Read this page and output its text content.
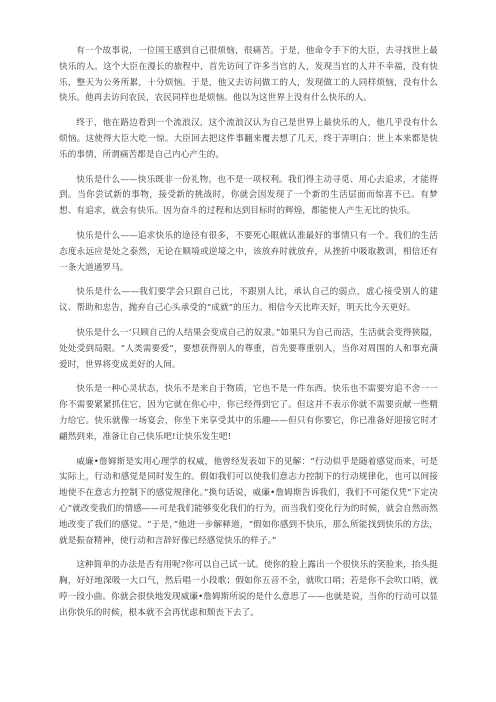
有一个故事说，一位国王感到自己很烦恼，很痛苦。于是，他命令手下的大臣，去寻找世上最快乐的人。这个大臣在漫长的旅程中，首先访问了许多当官的人，发现当官的人并不幸福，没有快乐，整天为公务所累，十分烦恼。于是，他又去访问做工的人，发现做工的人同样烦恼，没有什么快乐。他再去访问农民，农民同样也是烦恼。他以为这世界上没有什么快乐的人。

终于，他在路边看到一个流浪汉，这个流浪汉认为自己是世界上最快乐的人，他几乎没有什么烦恼。这使得大臣大吃一惊。大臣回去把这件事翻来覆去想了几天，终于弄明白：世上本来都是快乐的事情，所谓痛苦都是自己内心产生的。

快乐是什么——快乐既非一份礼物，也不是一项权利。我们得主动寻觅、用心去追求，才能得到。当你尝试新的事物，接受新的挑战时，你就会因发现了一个新的生活层面而惊喜不已。有梦想、有追求，就会有快乐。因为奋斗的过程和达到目标时的辉煌，都能使人产生无比的快乐。

快乐是什么——追求快乐的途径有很多，不要死心眼就认准最好的事情只有一个。我们的生活态度永远应是处之泰然，无论在顺境或逆境之中，该放弃时就放弃，从挫折中吸取教训，相信还有一条大道通罗马。

快乐是什么——我们要学会只跟自己比，不跟别人比，承认自己的弱点，虚心接受别人的建议、帮助和忠告，抛弃自己心头承受的“成就”的压力。相信今天比昨天好，明天比今天更好。

快乐是什么一‘只顾自己的人结果会变成自己的奴隶。”如果只为自己而活，生活就会变得狭隘，处处受到局限。“人类需要爱”，要想获得别人的尊重，首先要尊重别人，当你对周围的人和事充满爱时，世界将变成美好的人间。

快乐是一种心灵状态，快乐不是来自于物质，它也不是一件东西。快乐也不需要穷追不舍一一你不需要紧紧抓住它，因为它就在你心中，你已经得到它了。但这并不表示你就不需要贡献一些精力给它。快乐就像一场宴会，你坐下来享受其中的乐趣——但只有你要它，你已准备好迎接它时才翩然到来，准备让自己快乐吧!让快乐发生吧!

威廉•詹姆斯是实用心理学的权威，他曾经发表如下的见解：“行动似乎是随着感觉而来，可是实际上，行动和感觉是同时发生的。假如我们可以使我们意志力控制下的行动规律化，也可以间接地使不在意志力控制下的感觉规律化。”换句话说，威廉•詹姆斯告诉我们，我们不可能仅凭“下定决心”就改变我们的情感——可是我们能够变化我们的行为，而当我们变化行为的时候，就会自然而然地改变了我们的感觉。“于是，”他进一步解释道，“假如你感到不快乐，那么所能找到快乐的方法，就是振奋精神，使行动和言辞好像已经感觉快乐的样子。”

这种简单的办法是否有用呢?你可以自己试一试。使你的脸上露出一个很快乐的笑脸来，抬头挺胸，好好地深吸一大口气，然后唱一小段歌；假如你五音不全，就吹口哨；若是你不会吹口哨，就哼一段小曲。你就会很快地发现威廉•詹姆斯所说的是什么意思了——也就是说，当你的行动可以显出你快乐的时候，根本就不会再忧虑和颓丧下去了。
